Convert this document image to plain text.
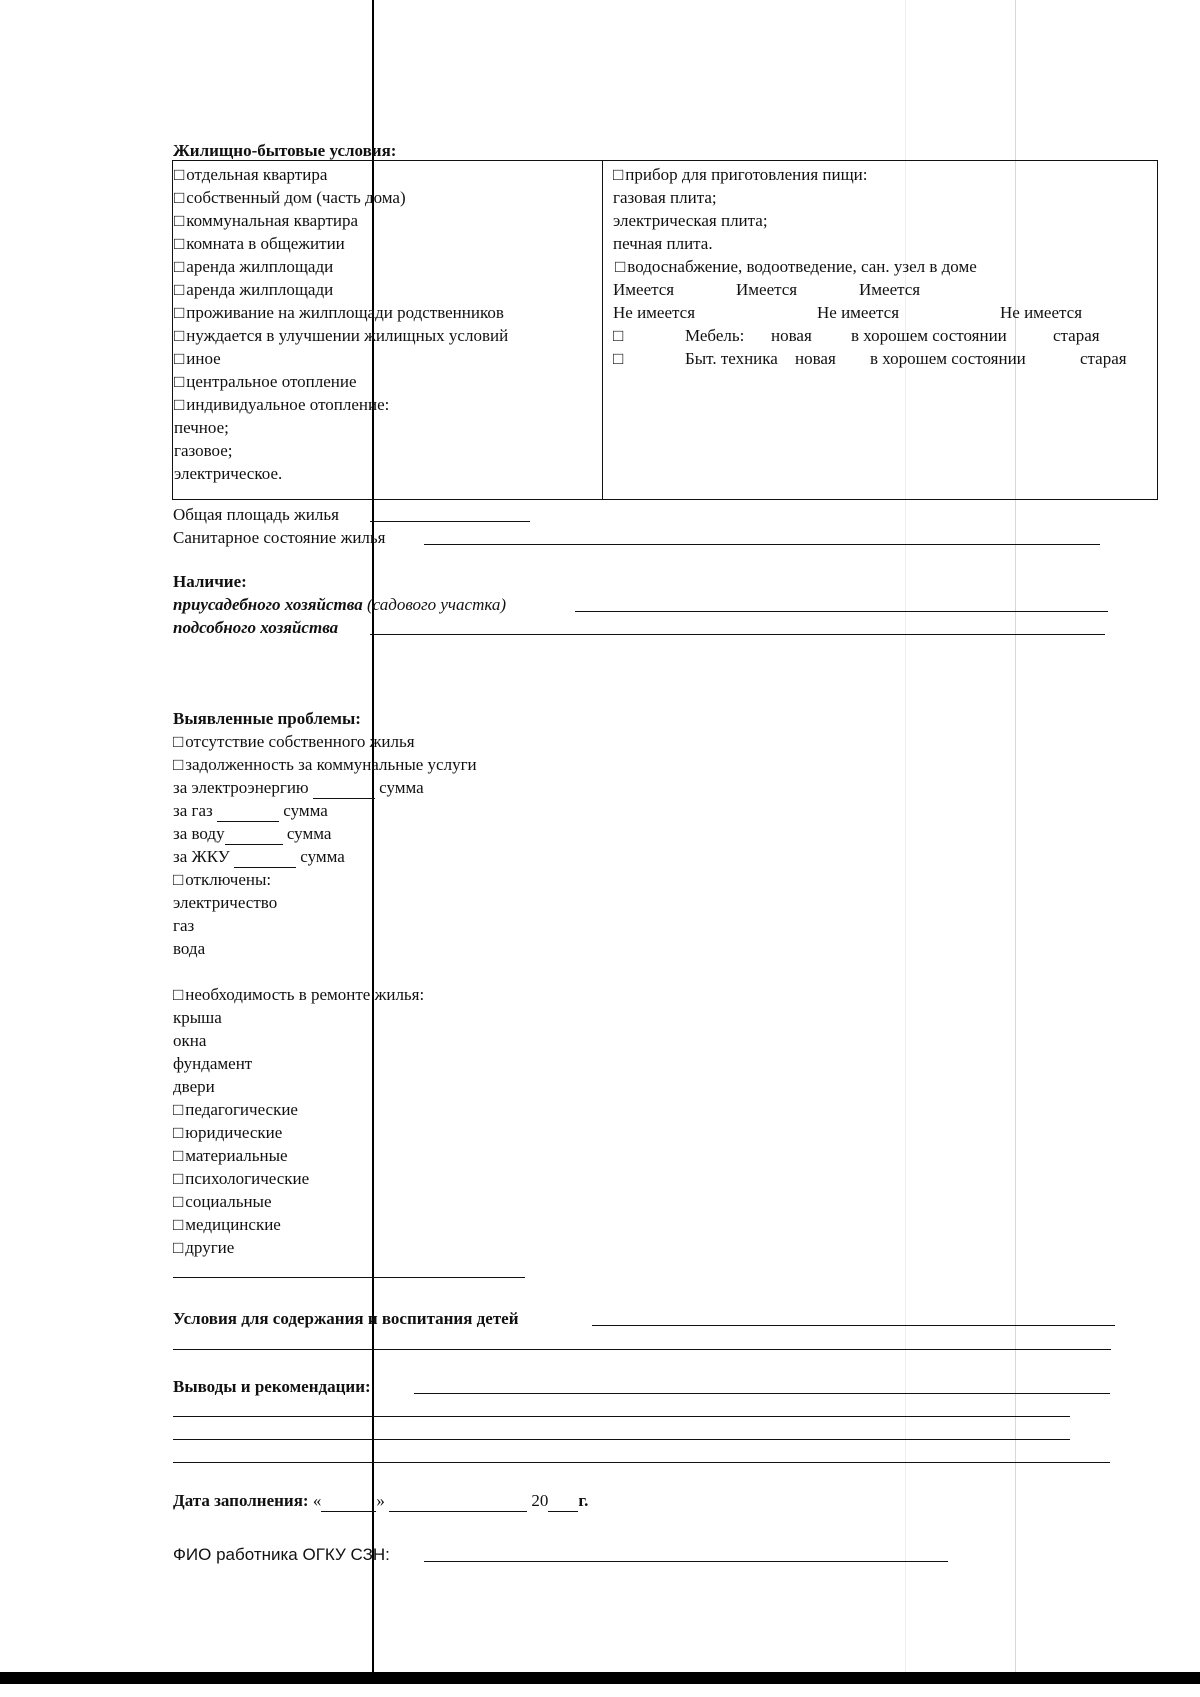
Жилищно-бытовые условия:
□ отдельная квартира
□ собственный дом (часть дома)
□ коммунальная квартира
□ комната в общежитии
□ аренда жилплощади
□ аренда жилплощади
□ проживание на жилплощади родственников
□ нуждается в улучшении жилищных условий
□ иное
□ центральное отопление
□ индивидуальное отопление:
печное;
газовое;
электрическое.

□ прибор для приготовления пищи:
газовая плита;
электрическая плита;
печная плита.
□ водоснабжение, водоотведение, сан. узел в доме
Имеется	Имеется	Имеется
Не имеется	Не имеется	Не имеется
□	Мебель:	новая	в хорошем состоянии	старая
□	Быт. техника	новая	в хорошем состоянии	старая
Общая площадь жилья
Санитарное состояние жилья
Наличие:
приусадебного хозяйства (садового участка)
подсобного хозяйства
Выявленные проблемы:
□ отсутствие собственного жилья
□ задолженность за коммунальные услуги
за электроэнергию	сумма
за газ	сумма
за воду	сумма
за ЖКУ	сумма
□ отключены:
электричество
газ
вода
□ необходимость в ремонте жилья:
крыша
окна
фундамент
двери
□ педагогические
□ юридические
□ материальные
□ психологические
□ социальные
□ медицинские
□ другие
Условия для содержания и воспитания детей
Выводы и рекомендации:
Дата заполнения: «	»	20 г.
ФИО работника ОГКУ СЗН:
